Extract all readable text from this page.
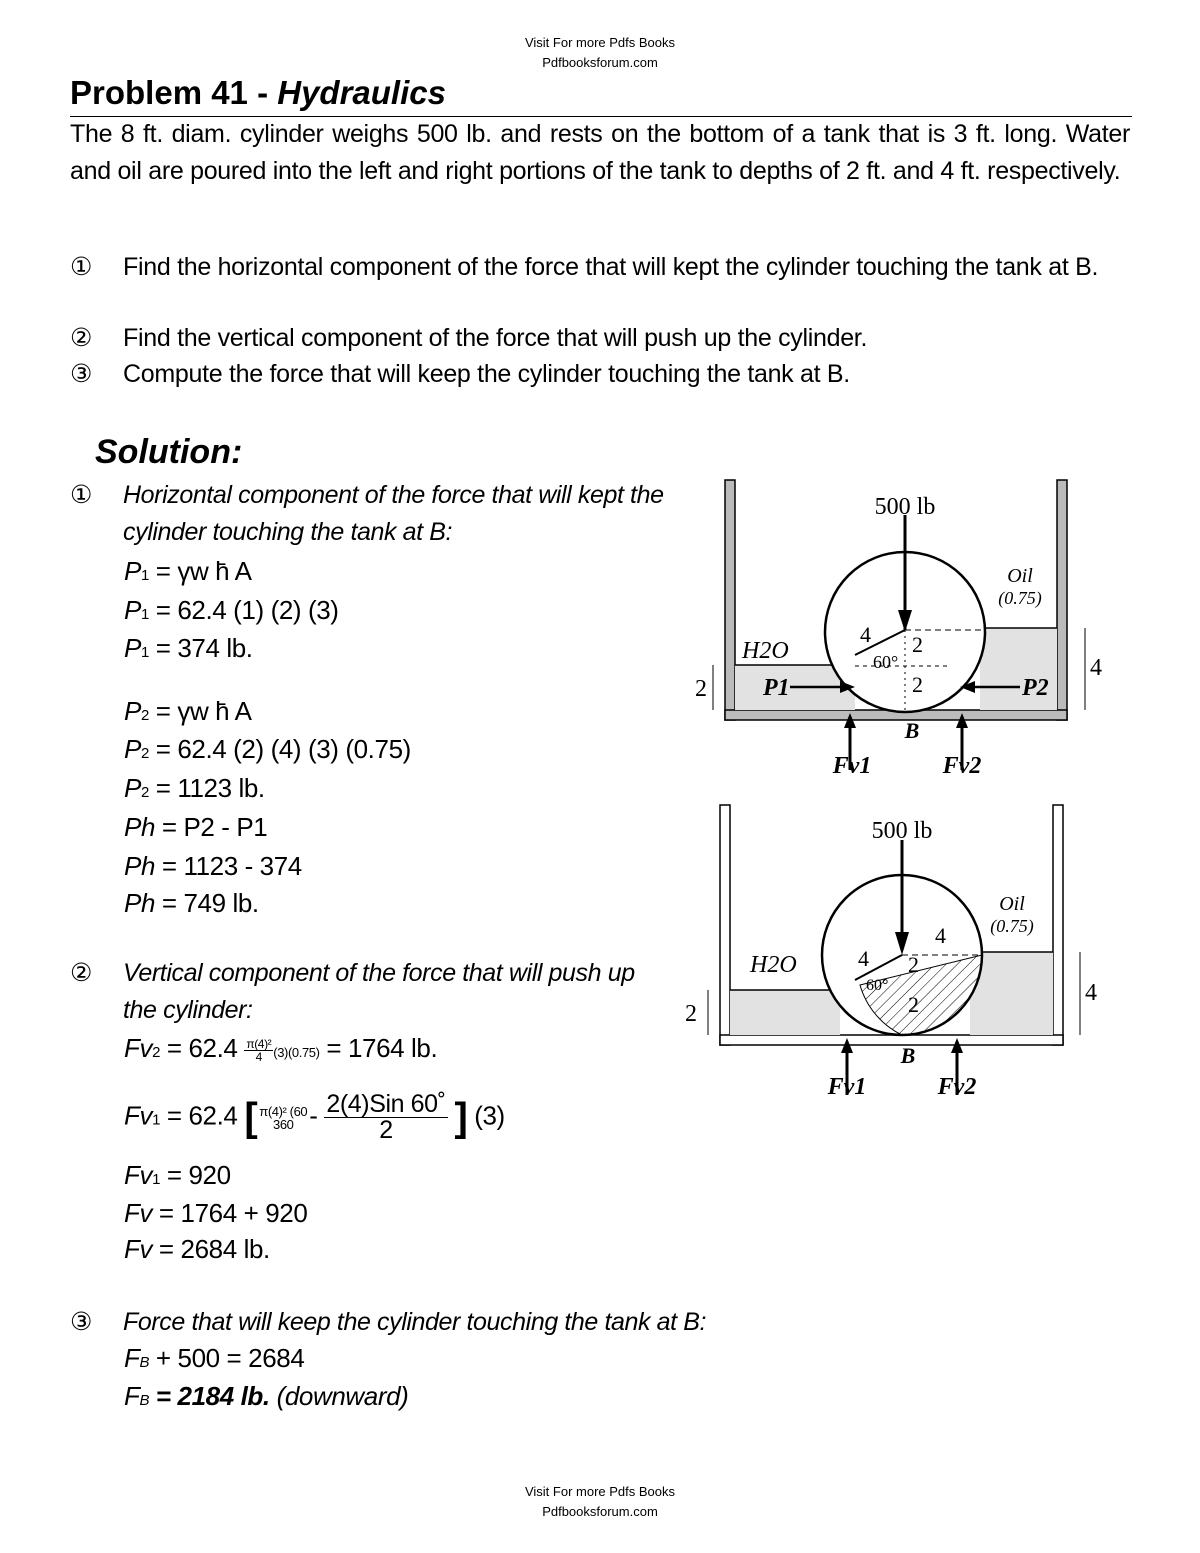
Visit For more Pdfs Books
Pdfbooksforum.com
Problem 41 - Hydraulics
The 8 ft. diam. cylinder weighs 500 lb. and rests on the bottom of a tank that is 3 ft. long. Water and oil are poured into the left and right portions of the tank to depths of 2 ft. and 4 ft. respectively.
①	Find the horizontal component of the force that will kept the cylinder touching the tank at B.
②	Find the vertical component of the force that will push up the cylinder.
③	Compute the force that will keep the cylinder touching the tank at B.
Solution:
① Horizontal component of the force that will kept the cylinder touching the tank at B:
P1 = γw h̄ A
P1 = 62.4 (1) (2) (3)
P1 = 374 lb.
P2 = γw h̄ A
P2 = 62.4 (2) (4) (3) (0.75)
P2 = 1123 lb.
Ph = P2 - P1
Ph = 1123 - 374
Ph = 749 lb.
② Vertical component of the force that will push up the cylinder:
$Fv2 = 62.4 \frac{\text{π(4)²}}{4} (3)(0.75) = 1764$ lb.
Fv1 = 62.4 [ π(4)² (60
$360 - \frac{\text{2(4)Sin 60˚}}{2}$ ] (3)
Fv1 = 920
Fv = 1764 + 920
Fv = 2684 lb.
③ Force that will keep the cylinder touching the tank at B:
FB + 500 = 2684
FB = 2184 lb. (downward)
500 lb
Oil
(0.75)
H2O
P1	P2
B
Fv1	Fv2
2
4
4 2
2
60°
500 lb
Oil
(0.75)
H2O
B
Fv1	Fv2
2
4
4
4
2
2
60°
Visit For more Pdfs Books
Pdfbooksforum.com
